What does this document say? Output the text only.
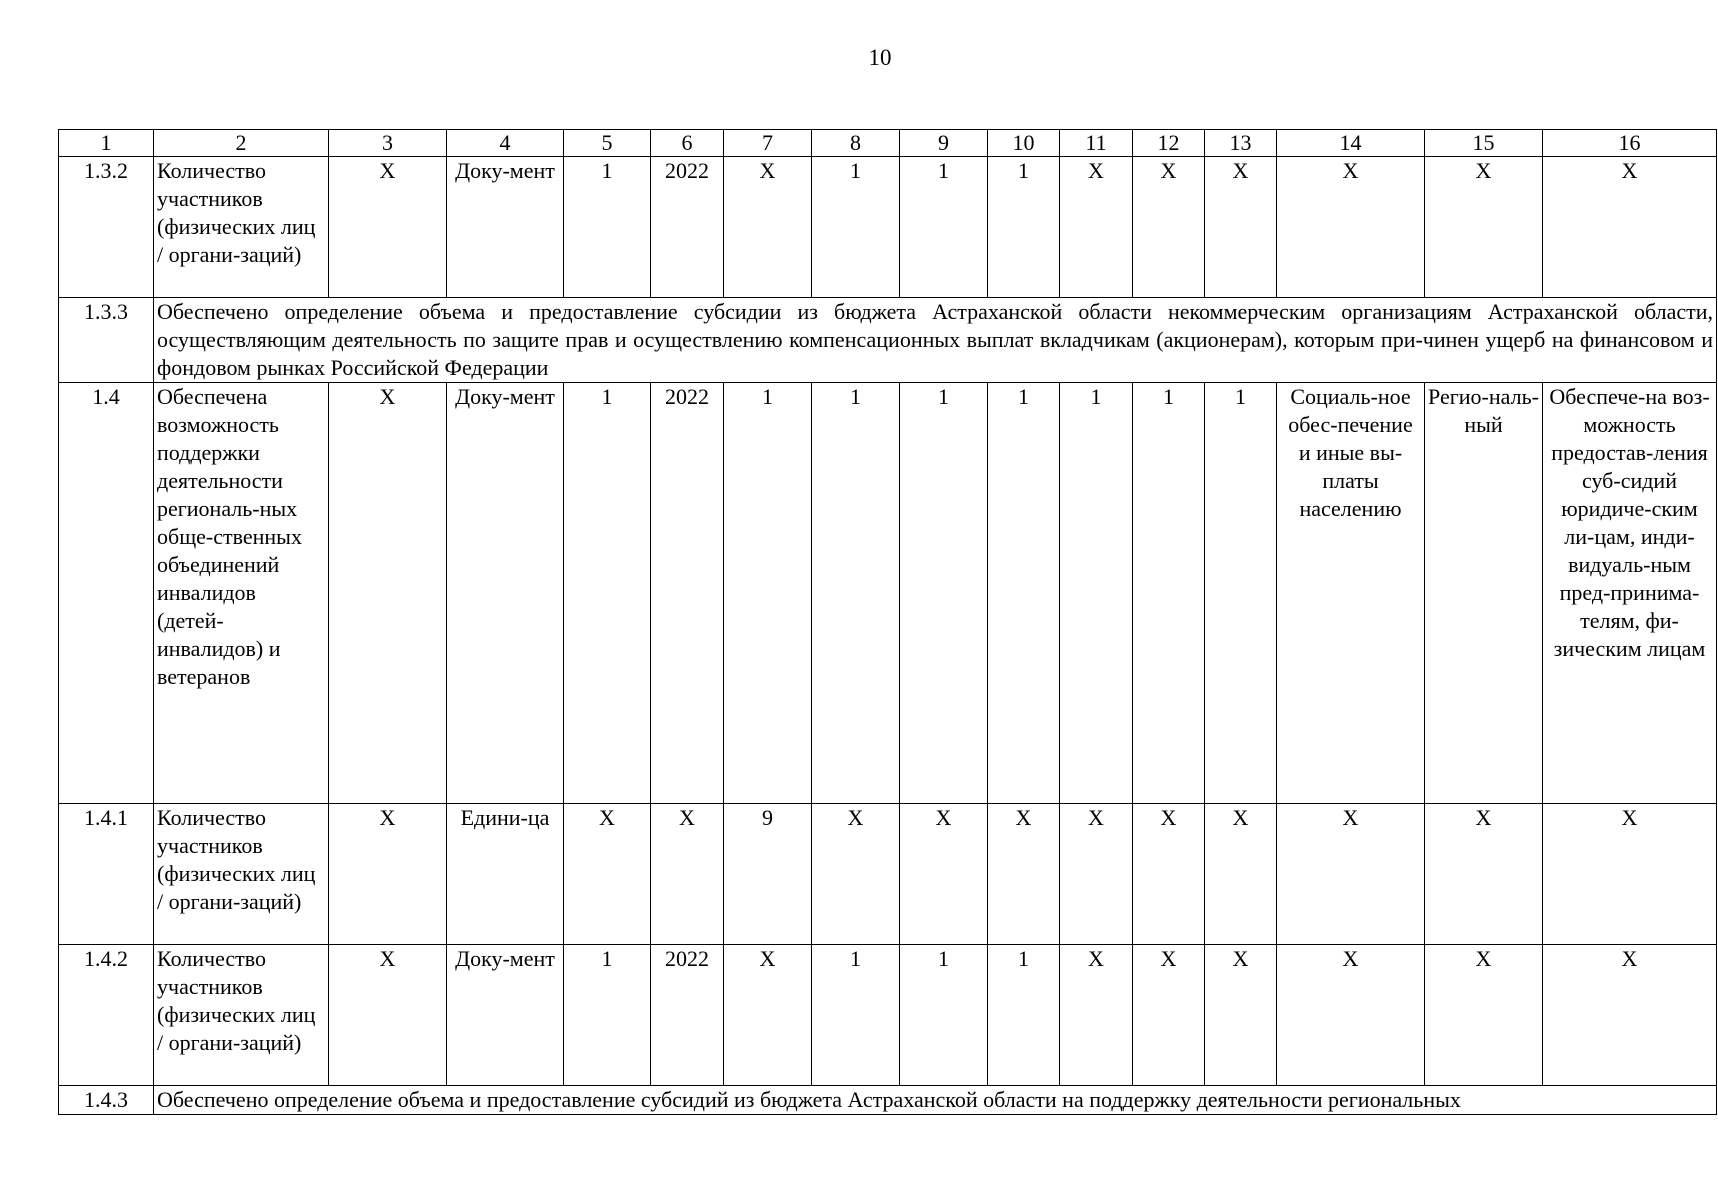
10
1	2	3	4	5	6	7	8	9	10	11	12	13	14	15	16
1.3.2	Количество участников (физических лиц / органи-заций)	Х	Доку-мент	1	2022	Х	1	1	1	Х	Х	Х	Х	Х	Х
1.3.3	Обеспечено определение объема и предоставление субсидии из бюджета Астраханской области некоммерческим организациям Астраханской области, осуществляющим деятельность по защите прав и осуществлению компенсационных выплат вкладчикам (акционерам), которым при-чинен ущерб на финансовом и фондовом рынках Российской Федерации														
1.4	Обеспечена возможность поддержки деятельности региональ-ных обще-ственных объединений инвалидов (детей-инвалидов) и ветеранов	Х	Доку-мент	1	2022	1	1	1	1	1	1	1	Социаль-ное обес-печение и иные вы-платы населению	Регио-наль-ный	Обеспече-на воз-можность предостав-ления суб-сидий юридиче-ским ли-цам, инди-видуаль-ным пред-принима-телям, фи-зическим лицам
1.4.1	Количество участников (физических лиц / органи-заций)	Х	Едини-ца	Х	Х	9	Х	Х	Х	Х	Х	Х	Х	Х	Х
1.4.2	Количество участников (физических лиц / органи-заций)	Х	Доку-мент	1	2022	Х	1	1	1	Х	Х	Х	Х	Х	Х
1.4.3	Обеспечено определение объема и предоставление субсидий из бюджета Астраханской области на поддержку деятельности региональных														
